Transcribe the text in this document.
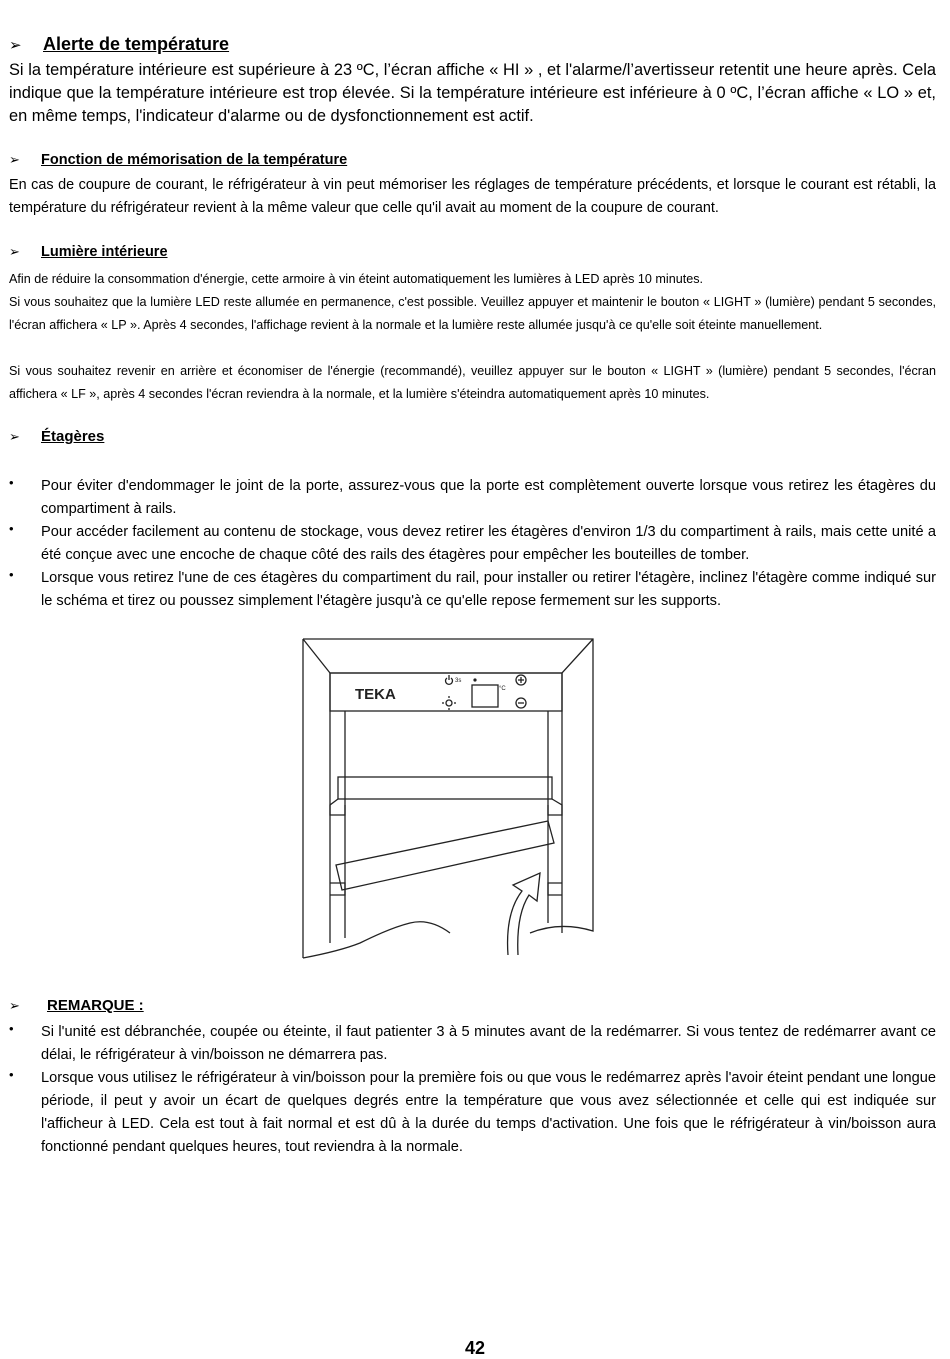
➢ Alerte de température

Si la température intérieure est supérieure à 23 ºC, l’écran affiche « HI » , et l'alarme/l’avertisseur retentit une heure après. Cela indique que la température intérieure est trop élevée. Si la température intérieure est inférieure à 0 ºC, l’écran affiche « LO » et, en même temps, l'indicateur d'alarme ou de dysfonctionnement est actif.

➢ Fonction de mémorisation de la température

En cas de coupure de courant, le réfrigérateur à vin peut mémoriser les réglages de température précédents, et lorsque le courant est rétabli, la température du réfrigérateur revient à la même valeur que celle qu'il avait au moment de la coupure de courant.

➢ Lumière intérieure

Afin de réduire la consommation d'énergie, cette armoire à vin éteint automatiquement les lumières à LED après 10 minutes.

Si vous souhaitez que la lumière LED reste allumée en permanence, c'est possible. Veuillez appuyer et maintenir le bouton « LIGHT » (lumière) pendant 5 secondes, l'écran affichera « LP ». Après 4 secondes, l'affichage revient à la normale et la lumière reste allumée jusqu'à ce qu'elle soit éteinte manuellement.

Si vous souhaitez revenir en arrière et économiser de l'énergie (recommandé), veuillez appuyer sur le bouton « LIGHT » (lumière) pendant 5 secondes, l'écran affichera « LF », après 4 secondes l'écran reviendra à la normale, et la lumière s'éteindra automatiquement après 10 minutes.

➢ Étagères
• Pour éviter d'endommager le joint de la porte, assurez-vous que la porte est complètement ouverte lorsque vous retirez les étagères du compartiment à rails.

• Pour accéder facilement au contenu de stockage, vous devez retirer les étagères d'environ 1/3 du compartiment à rails, mais cette unité a été conçue avec une encoche de chaque côté des rails des étagères pour empêcher les bouteilles de tomber.

• Lorsque vous retirez l'une de ces étagères du compartiment du rail, pour installer ou retirer l'étagère, inclinez l'étagère comme indiqué sur le schéma et tirez ou poussez simplement l'étagère jusqu'à ce qu'elle repose fermement sur les supports.

TEKA
3s
°C
➢ REMARQUE :
• Si l'unité est débranchée, coupée ou éteinte, il faut patienter 3 à 5 minutes avant de la redémarrer. Si vous tentez de redémarrer avant ce délai, le réfrigérateur à vin/boisson ne démarrera pas.

• Lorsque vous utilisez le réfrigérateur à vin/boisson pour la première fois ou que vous le redémarrez après l'avoir éteint pendant une longue période, il peut y avoir un écart de quelques degrés entre la température que vous avez sélectionnée et celle qui est indiquée sur l'afficheur à LED. Cela est tout à fait normal et est dû à la durée du temps d'activation. Une fois que le réfrigérateur à vin/boisson aura fonctionné pendant quelques heures, tout reviendra à la normale.

42
